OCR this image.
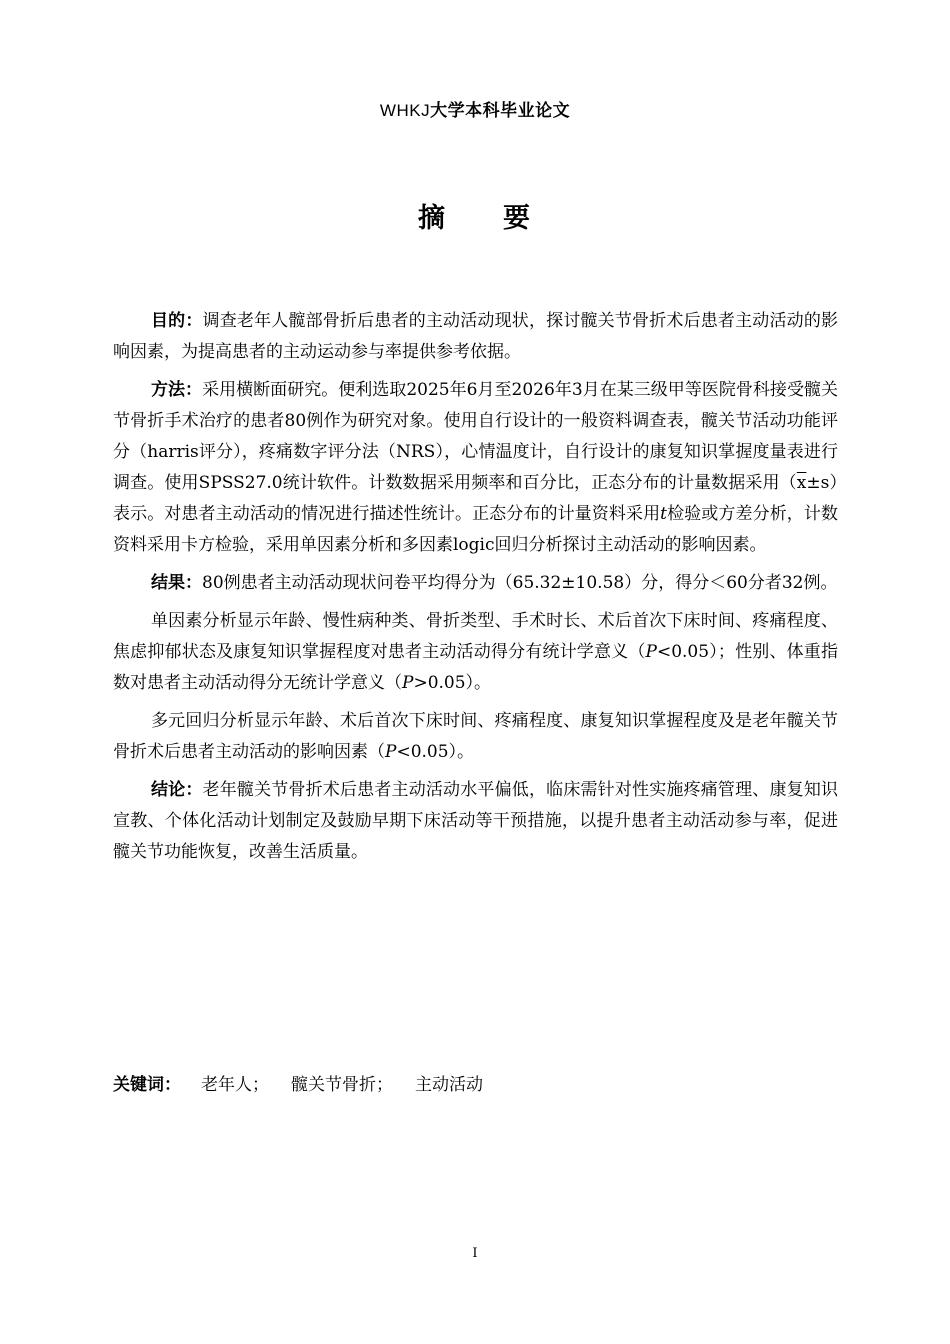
WHKJ大学本科毕业论文
摘 要

目的：调查老年人髋部骨折后患者的主动活动现状，探讨髋关节骨折术后患者主动活动的影响因素，为提高患者的主动运动参与率提供参考依据。

方法：采用横断面研究。便利选取2025年6月至2026年3月在某三级甲等医院骨科接受髋关节骨折手术治疗的患者80例作为研究对象。使用自行设计的一般资料调查表，髋关节活动功能评分（harris评分），疼痛数字评分法（NRS），心情温度计，自行设计的康复知识掌握度量表进行调查。使用SPSS27.0统计软件。计数数据采用频率和百分比，正态分布的计量数据采用$(\overline{x}\pm s)$表示。对患者主动活动的情况进行描述性统计。正态分布的计量资料采用t检验或方差分析，计数资料采用卡方检验，采用单因素分析和多因素logic回归分析探讨主动活动的影响因素。

结果：80例患者主动活动现状问卷平均得分为（65.32±10.58）分，得分＜60分者32例。

单因素分析显示年龄、慢性病种类、骨折类型、手术时长、术后首次下床时间、疼痛程度、焦虑抑郁状态及康复知识掌握程度对患者主动活动得分有统计学意义（P<0.05）；性别、体重指数对患者主动活动得分无统计学意义（P>0.05）。

多元回归分析显示年龄、术后首次下床时间、疼痛程度、康复知识掌握程度及是老年髋关节骨折术后患者主动活动的影响因素（P<0.05）。

结论：老年髋关节骨折术后患者主动活动水平偏低，临床需针对性实施疼痛管理、康复知识宣教、个体化活动计划制定及鼓励早期下床活动等干预措施，以提升患者主动活动参与率，促进髋关节功能恢复，改善生活质量。

关键词： 老年人； 髋关节骨折； 主动活动
I
